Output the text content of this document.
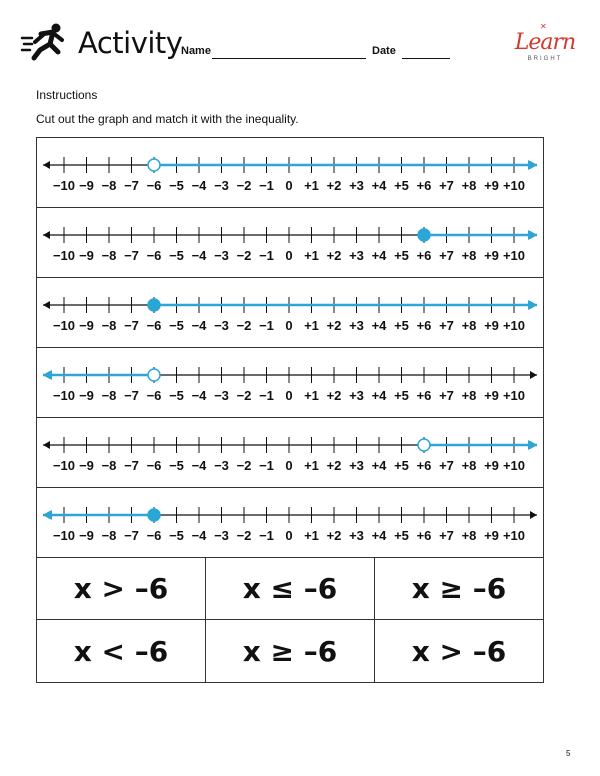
Activity
Name	Date
✕
Learn
BRIGHT
Instructions
Cut out the graph and match it with the inequality.
−10 −9 −8 −7 −6 −5 −4 −3 −2 −1 0 +1 +2 +3 +4 +5 +6 +7 +8 +9 +10
−10 −9 −8 −7 −6 −5 −4 −3 −2 −1 0 +1 +2 +3 +4 +5 +6 +7 +8 +9 +10
−10 −9 −8 −7 −6 −5 −4 −3 −2 −1 0 +1 +2 +3 +4 +5 +6 +7 +8 +9 +10
−10 −9 −8 −7 −6 −5 −4 −3 −2 −1 0 +1 +2 +3 +4 +5 +6 +7 +8 +9 +10
−10 −9 −8 −7 −6 −5 −4 −3 −2 −1 0 +1 +2 +3 +4 +5 +6 +7 +8 +9 +10
−10 −9 −8 −7 −6 −5 −4 −3 −2 −1 0 +1 +2 +3 +4 +5 +6 +7 +8 +9 +10
x > –6	x ≤ –6	x ≥ –6
x < –6	x ≥ –6	x > –6
5
